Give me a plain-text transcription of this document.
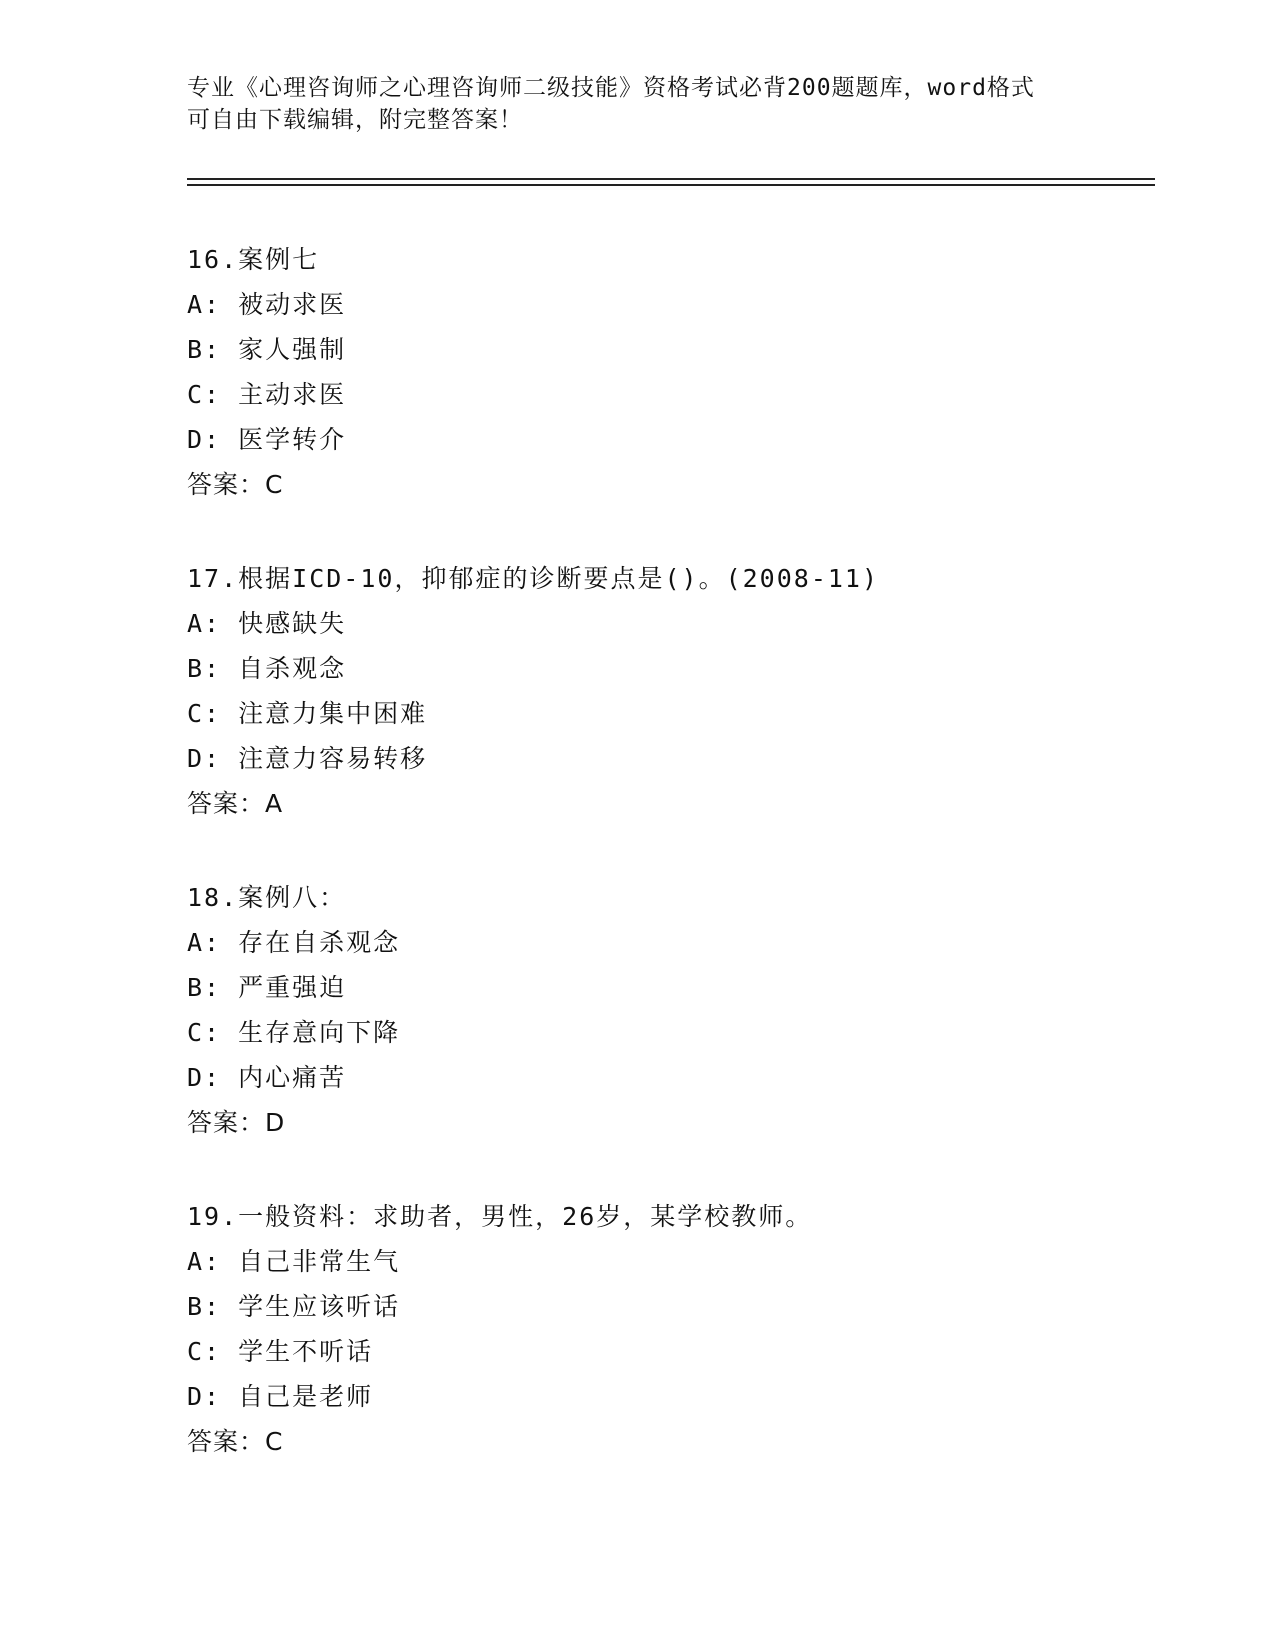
专业《心理咨询师之心理咨询师二级技能》资格考试必背200题题库，word格式
可自由下载编辑，附完整答案！
16.案例七
A: 被动求医
B: 家人强制
C: 主动求医
D: 医学转介
答案：C
17.根据ICD-10，抑郁症的诊断要点是()。(2008-11)
A: 快感缺失
B: 自杀观念
C: 注意力集中困难
D: 注意力容易转移
答案：A
18.案例八：
A: 存在自杀观念
B: 严重强迫
C: 生存意向下降
D: 内心痛苦
答案：D
19.一般资料：求助者，男性，26岁，某学校教师。
A: 自己非常生气
B: 学生应该听话
C: 学生不听话
D: 自己是老师
答案：C
